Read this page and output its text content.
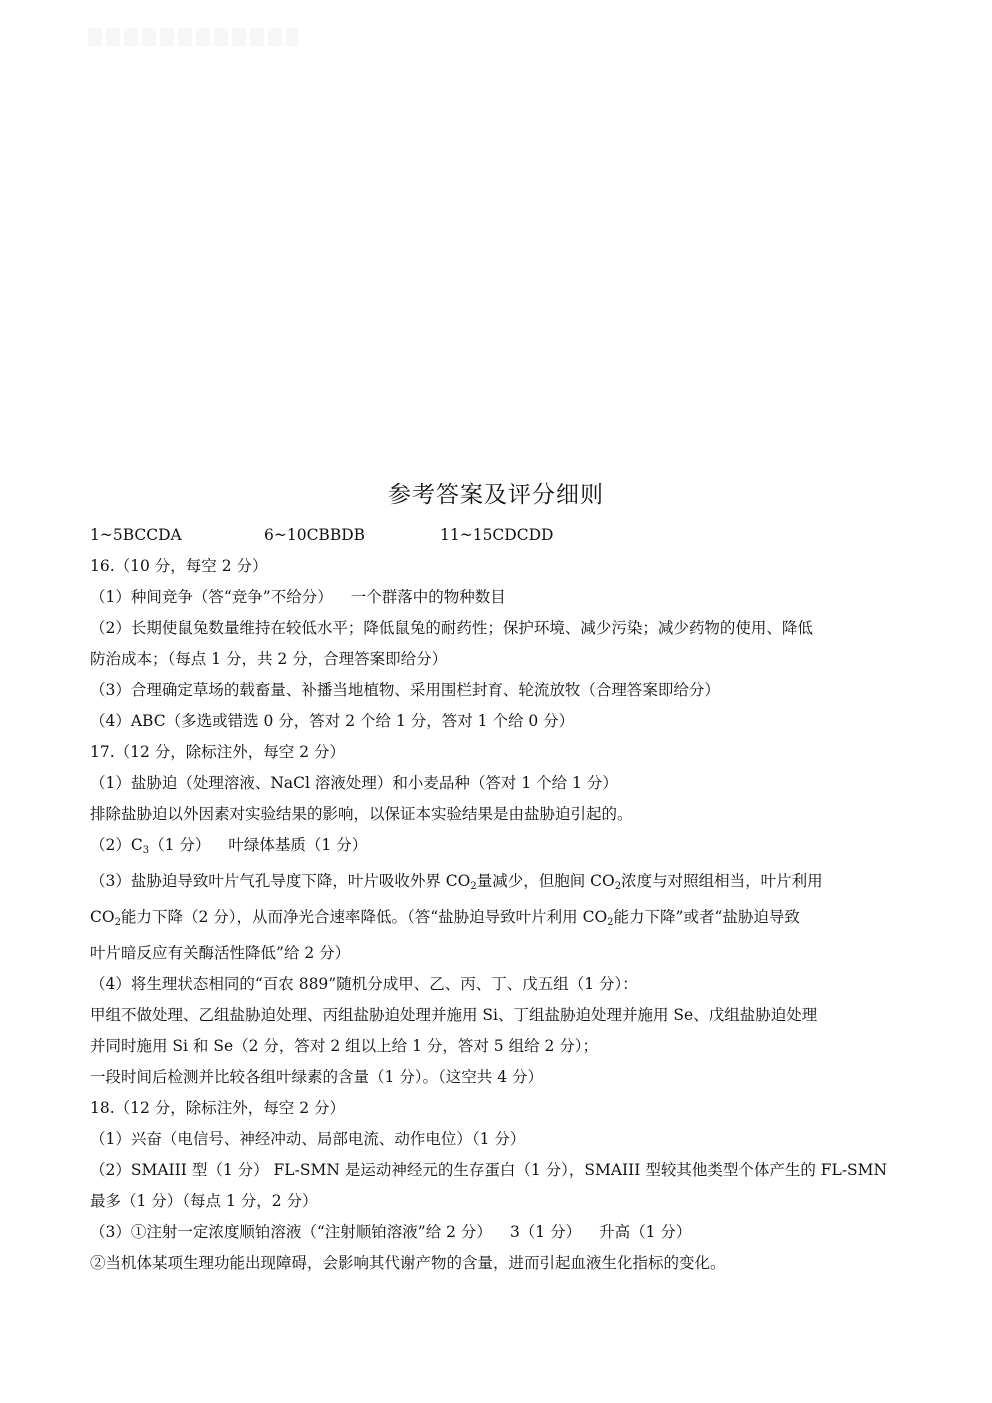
参考答案及评分细则
1~5BCCDA	6~10CBBDB	11~15CDCDD
16.（10 分，每空 2 分）
（1）种间竞争（答“竞争”不给分） 一个群落中的物种数目
（2）长期使鼠兔数量维持在较低水平；降低鼠兔的耐药性；保护环境、减少污染；减少药物的使用、降低
防治成本；（每点 1 分，共 2 分，合理答案即给分）
（3）合理确定草场的载畜量、补播当地植物、采用围栏封育、轮流放牧（合理答案即给分）
（4）ABC（多选或错选 0 分，答对 2 个给 1 分，答对 1 个给 0 分）
17.（12 分，除标注外，每空 2 分）
（1）盐胁迫（处理溶液、NaCl 溶液处理）和小麦品种（答对 1 个给 1 分）
排除盐胁迫以外因素对实验结果的影响，以保证本实验结果是由盐胁迫引起的。
$(2)C_3(1$ 分） 叶绿体基质（1 分）
（3）盐胁迫导致叶片气孔导度下降，叶片吸收外界 $CO_2$量减少，但胞间 $CO_2$浓度与对照组相当，叶片利用
$CO_2$能力下降（2 分），从而净光合速率降低。（答“盐胁迫导致叶片利用 $CO_2$能力下降”或者“盐胁迫导致
叶片暗反应有关酶活性降低”给 2 分）
（4）将生理状态相同的“百农 889”随机分成甲、乙、丙、丁、戊五组（1 分）：
甲组不做处理、乙组盐胁迫处理、丙组盐胁迫处理并施用 Si、丁组盐胁迫处理并施用 Se、戊组盐胁迫处理
并同时施用 Si 和 Se（2 分，答对 2 组以上给 1 分，答对 5 组给 2 分）；
一段时间后检测并比较各组叶绿素的含量（1 分）。（这空共 4 分）
18.（12 分，除标注外，每空 2 分）
（1）兴奋（电信号、神经冲动、局部电流、动作电位）（1 分）
（2）SMAIII 型（1 分） FL-SMN 是运动神经元的生存蛋白（1 分），SMAIII 型较其他类型个体产生的 FL-SMN
最多（1 分）（每点 1 分，2 分）
（3）①注射一定浓度顺铂溶液（“注射顺铂溶液”给 2 分） 3（1 分） 升高（1 分）
②当机体某项生理功能出现障碍，会影响其代谢产物的含量，进而引起血液生化指标的变化。
